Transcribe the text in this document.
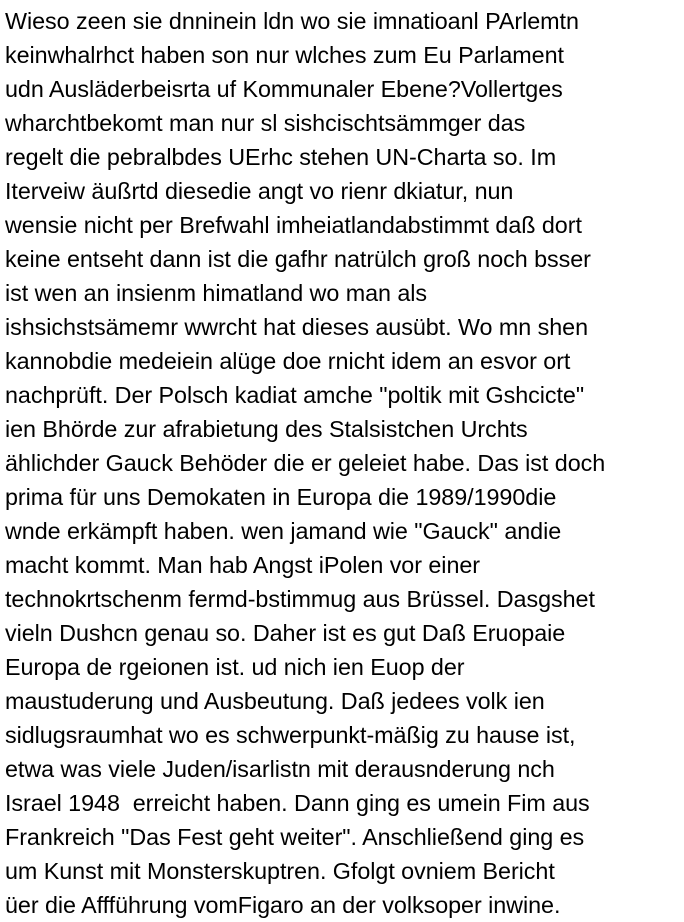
Wieso zeen sie dnninein ldn wo sie imnatioanl PArlemtn
keinwhalrhct haben son nur wlches zum Eu Parlament
udn Ausläderbeisrta uf Kommunaler Ebene?Vollertges
wharchtbekomt man nur sl sishcischtsämmger das
regelt die pebralbdes UErhc stehen UN-Charta so. Im
Iterveiw äußrtd diesedie angt vo rienr dkiatur, nun
wensie nicht per Brefwahl imheiatlandabstimmt daß dort
keine entseht dann ist die gafhr natrülch groß noch bsser
ist wen an insienm himatland wo man als
ishsichstsämemr wwrcht hat dieses ausübt. Wo mn shen
kannobdie medeiein alüge doe rnicht idem an esvor ort
nachprüft. Der Polsch kadiat amche "poltik mit Gshcicte"
ien Bhörde zur afrabietung des Stalsistchen Urchts
ählichder Gauck Behöder die er geleiet habe. Das ist doch
prima für uns Demokaten in Europa die 1989/1990die
wnde erkämpft haben. wen jamand wie "Gauck" andie
macht kommt. Man hab Angst iPolen vor einer
technokrtschenm fermd-bstimmug aus Brüssel. Dasgshet
vieln Dushcn genau so. Daher ist es gut Daß Eruopaie
Europa de rgeionen ist. ud nich ien Euop der
maustuderung und Ausbeutung. Daß jedees volk ien
sidlugsraumhat wo es schwerpunkt-mäßig zu hause ist,
etwa was viele Juden/isarlistn mit derausnderung nch
Israel 1948  erreicht haben. Dann ging es umein Fim aus
Frankreich "Das Fest geht weiter". Anschließend ging es
um Kunst mit Monsterskuptren. Gfolgt ovniem Bericht
üer die Affführung vomFigaro an der volksoper inwine.
